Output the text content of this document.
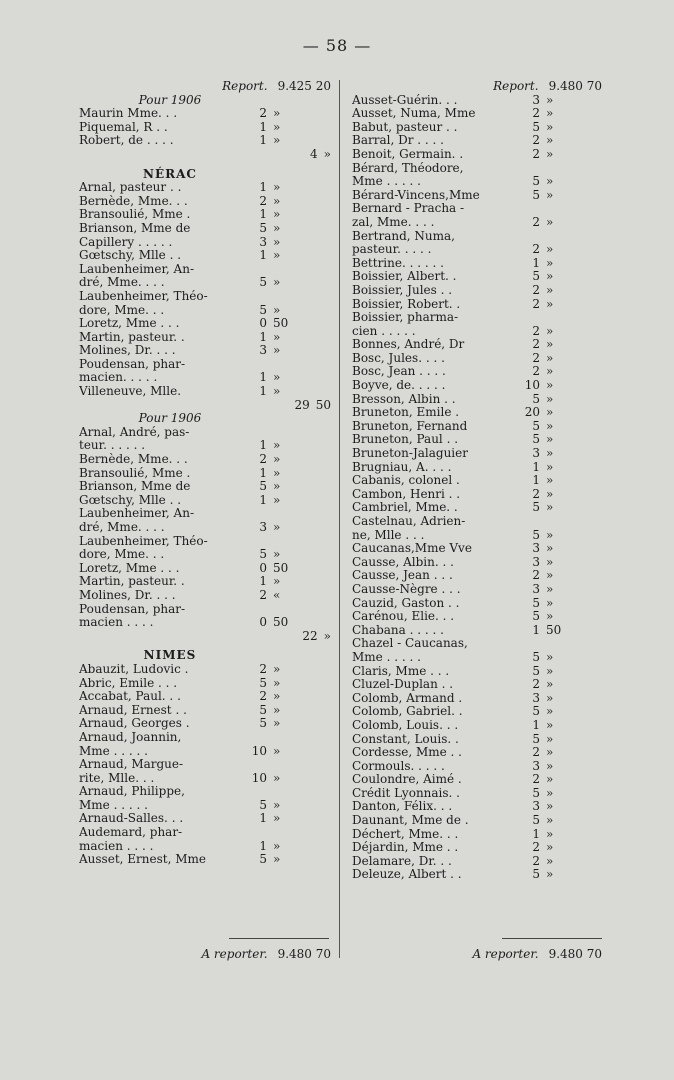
— 58 —
Report. 9.425 20
Pour 1906
Maurin Mme. . .	2 »
Piquemal, R . .	1 »
Robert, de . . . .	1 »
4 »
NÉRAC
Arnal, pasteur . .	1 »
Bernède, Mme. . .	2 »
Bransoulié, Mme .	1 »
Brianson, Mme de	5 »
Capillery . . . . .	3 »
Gœtschy, Mlle . .	1 »
Laubenheimer, An-
dré, Mme. . . .	5 »
Laubenheimer, Théo-
dore, Mme. . .	5 »
Loretz, Mme . . .	0 50
Martin, pasteur. .	1 »
Molines, Dr. . . .	3 »
Poudensan, phar-
macien. . . . .	1 »
Villeneuve, Mlle.	1 »
29 50
Pour 1906
Arnal, André, pas-
teur. . . . . .	1 »
Bernède, Mme. . .	2 »
Bransoulié, Mme .	1 »
Brianson, Mme de	5 »
Gœtschy, Mlle . .	1 »
Laubenheimer, An-
dré, Mme. . . .	3 »
Laubenheimer, Théo-
dore, Mme. . .	5 »
Loretz, Mme . . .	0 50
Martin, pasteur. .	1 »
Molines, Dr. . . .	2 «
Poudensan, phar-
macien . . . .	0 50
22 »
NIMES
Abauzit, Ludovic .	2 »
Abric, Emile . . .	5 »
Accabat, Paul. . .	2 »
Arnaud, Ernest . .	5 »
Arnaud, Georges .	5 »
Arnaud, Joannin,
Mme . . . . .	10 »
Arnaud, Margue-
rite, Mlle. . .	10 »
Arnaud, Philippe,
Mme . . . . .	5 »
Arnaud-Salles. . .	1 »
Audemard, phar-
macien . . . .	1 »
Ausset, Ernest, Mme	5 »
A reporter. 9.480 70
Report. 9.480 70
Ausset-Guérin. . .	3 »
Ausset, Numa, Mme	2 »
Babut, pasteur . .	5 »
Barral, Dr . . . .	2 »
Benoit, Germain. .	2 »
Bérard, Théodore,
Mme . . . . .	5 »
Bérard-Vincens,Mme	5 »
Bernard - Pracha -
zal, Mme. . . .	2 »
Bertrand, Numa,
pasteur. . . . .	2 »
Bettrine. . . . . .	1 »
Boissier, Albert. .	5 »
Boissier, Jules . .	2 »
Boissier, Robert. .	2 »
Boissier, pharma-
cien . . . . .	2 »
Bonnes, André, Dr	2 »
Bosc, Jules. . . .	2 »
Bosc, Jean . . . .	2 »
Boyve, de. . . . .	10 »
Bresson, Albin . .	5 »
Bruneton, Emile .	20 »
Bruneton, Fernand	5 »
Bruneton, Paul . .	5 »
Bruneton-Jalaguier	3 »
Brugniau, A. . . .	1 »
Cabanis, colonel .	1 »
Cambon, Henri . .	2 »
Cambriel, Mme. .	5 »
Castelnau, Adrien-
ne, Mlle . . .	5 »
Caucanas,Mme Vve	3 »
Causse, Albin. . .	3 »
Causse, Jean . . .	2 »
Causse-Nègre . . .	3 »
Cauzid, Gaston . .	5 »
Carénou, Elie. . .	5 »
Chabana . . . . .	1 50
Chazel - Caucanas,
Mme . . . . .	5 »
Claris, Mme . . .	5 »
Cluzel-Duplan . .	2 »
Colomb, Armand .	3 »
Colomb, Gabriel. .	5 »
Colomb, Louis. . .	1 »
Constant, Louis. .	5 »
Cordesse, Mme . .	2 »
Cormouls. . . . .	3 »
Coulondre, Aimé .	2 »
Crédit Lyonnais. .	5 »
Danton, Félix. . .	3 »
Daunant, Mme de .	5 »
Déchert, Mme. . .	1 »
Déjardin, Mme . .	2 »
Delamare, Dr. . .	2 »
Deleuze, Albert . .	5 »
A reporter. 9.480 70
